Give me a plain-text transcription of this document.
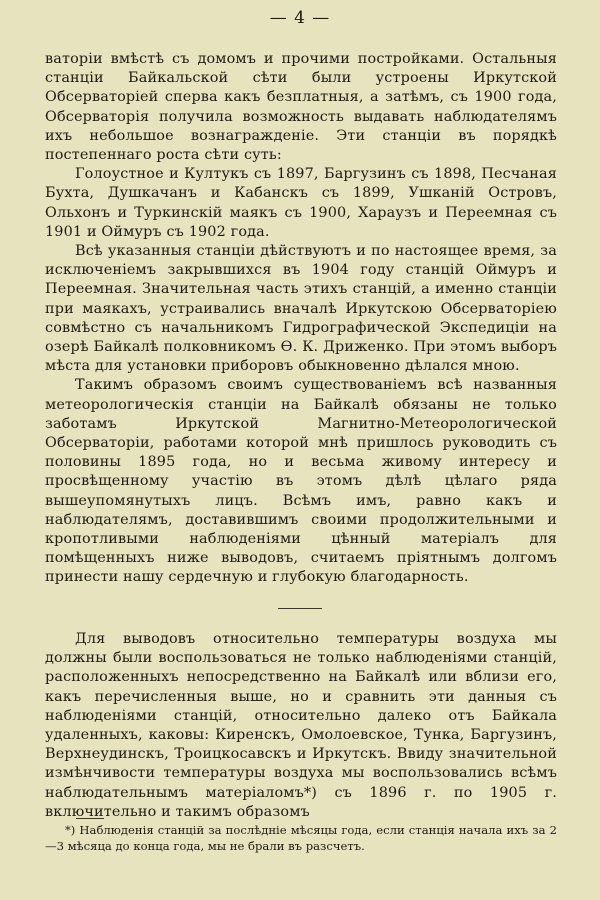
— 4 —

ваторіи вмѣстѣ съ домомъ и прочими постройками. Остальныя станціи Байкальской сѣти были устроены Иркутской Обсерваторіей сперва какъ безплатныя, а затѣмъ, съ 1900 года, Обсерваторія получила возможность выдавать наблюдателямъ ихъ небольшое вознагражденіе. Эти станціи въ порядкѣ постепеннаго роста сѣти суть:

Голоустное и Култукъ съ 1897, Баргузинъ съ 1898, Песчаная Бухта, Душкачанъ и Кабанскъ съ 1899, Ушканій Островъ, Ольхонъ и Туркинскій маякъ съ 1900, Хараузъ и Переемная съ 1901 и Оймуръ съ 1902 года.

Всѣ указанныя станціи дѣйствуютъ и по настоящее время, за исключеніемъ закрывшихся въ 1904 году станцій Оймуръ и Переемная. Значительная часть этихъ станцій, а именно станціи при маякахъ, устраивались вначалѣ Иркутскою Обсерваторіею совмѣстно съ начальникомъ Гидрографической Экспедиціи на озерѣ Байкалѣ полковникомъ Ѳ. К. Дриженко. При этомъ выборъ мѣста для установки приборовъ обыкновенно дѣлался мною.

Такимъ образомъ своимъ существованіемъ всѣ названныя метеорологическія станціи на Байкалѣ обязаны не только заботамъ Иркутской Магнитно-Метеорологической Обсерваторіи, работами которой мнѣ пришлось руководить съ половины 1895 года, но и весьма живому интересу и просвѣщенному участію въ этомъ дѣлѣ цѣлаго ряда вышеупомянутыхъ лицъ. Всѣмъ имъ, равно какъ и наблюдателямъ, доставившимъ своими продолжительными и кропотливыми наблюденіями цѣнный матеріалъ для помѣщенныхъ ниже выводовъ, считаемъ пріятнымъ долгомъ принести нашу сердечную и глубокую благодарность.

Для выводовъ относительно температуры воздуха мы должны были воспользоваться не только наблюденіями станцій, расположенныхъ непосредственно на Байкалѣ или вблизи его, какъ перечисленныя выше, но и сравнить эти данныя съ наблюденіями станцій, относительно далеко отъ Байкала удаленныхъ, каковы: Киренскъ, Омолоевское, Тунка, Баргузинъ, Верхнеудинскъ, Троицкосавскъ и Иркутскъ. Ввиду значительной измѣнчивости температуры воздуха мы воспользовались всѣмъ наблюдательнымъ матеріаломъ*) съ 1896 г. по 1905 г. включительно и такимъ образомъ

*) Наблюденія станцій за послѣдніе мѣсяцы года, если станція начала ихъ за 2—3 мѣсяца до конца года, мы не брали въ разсчетъ.
